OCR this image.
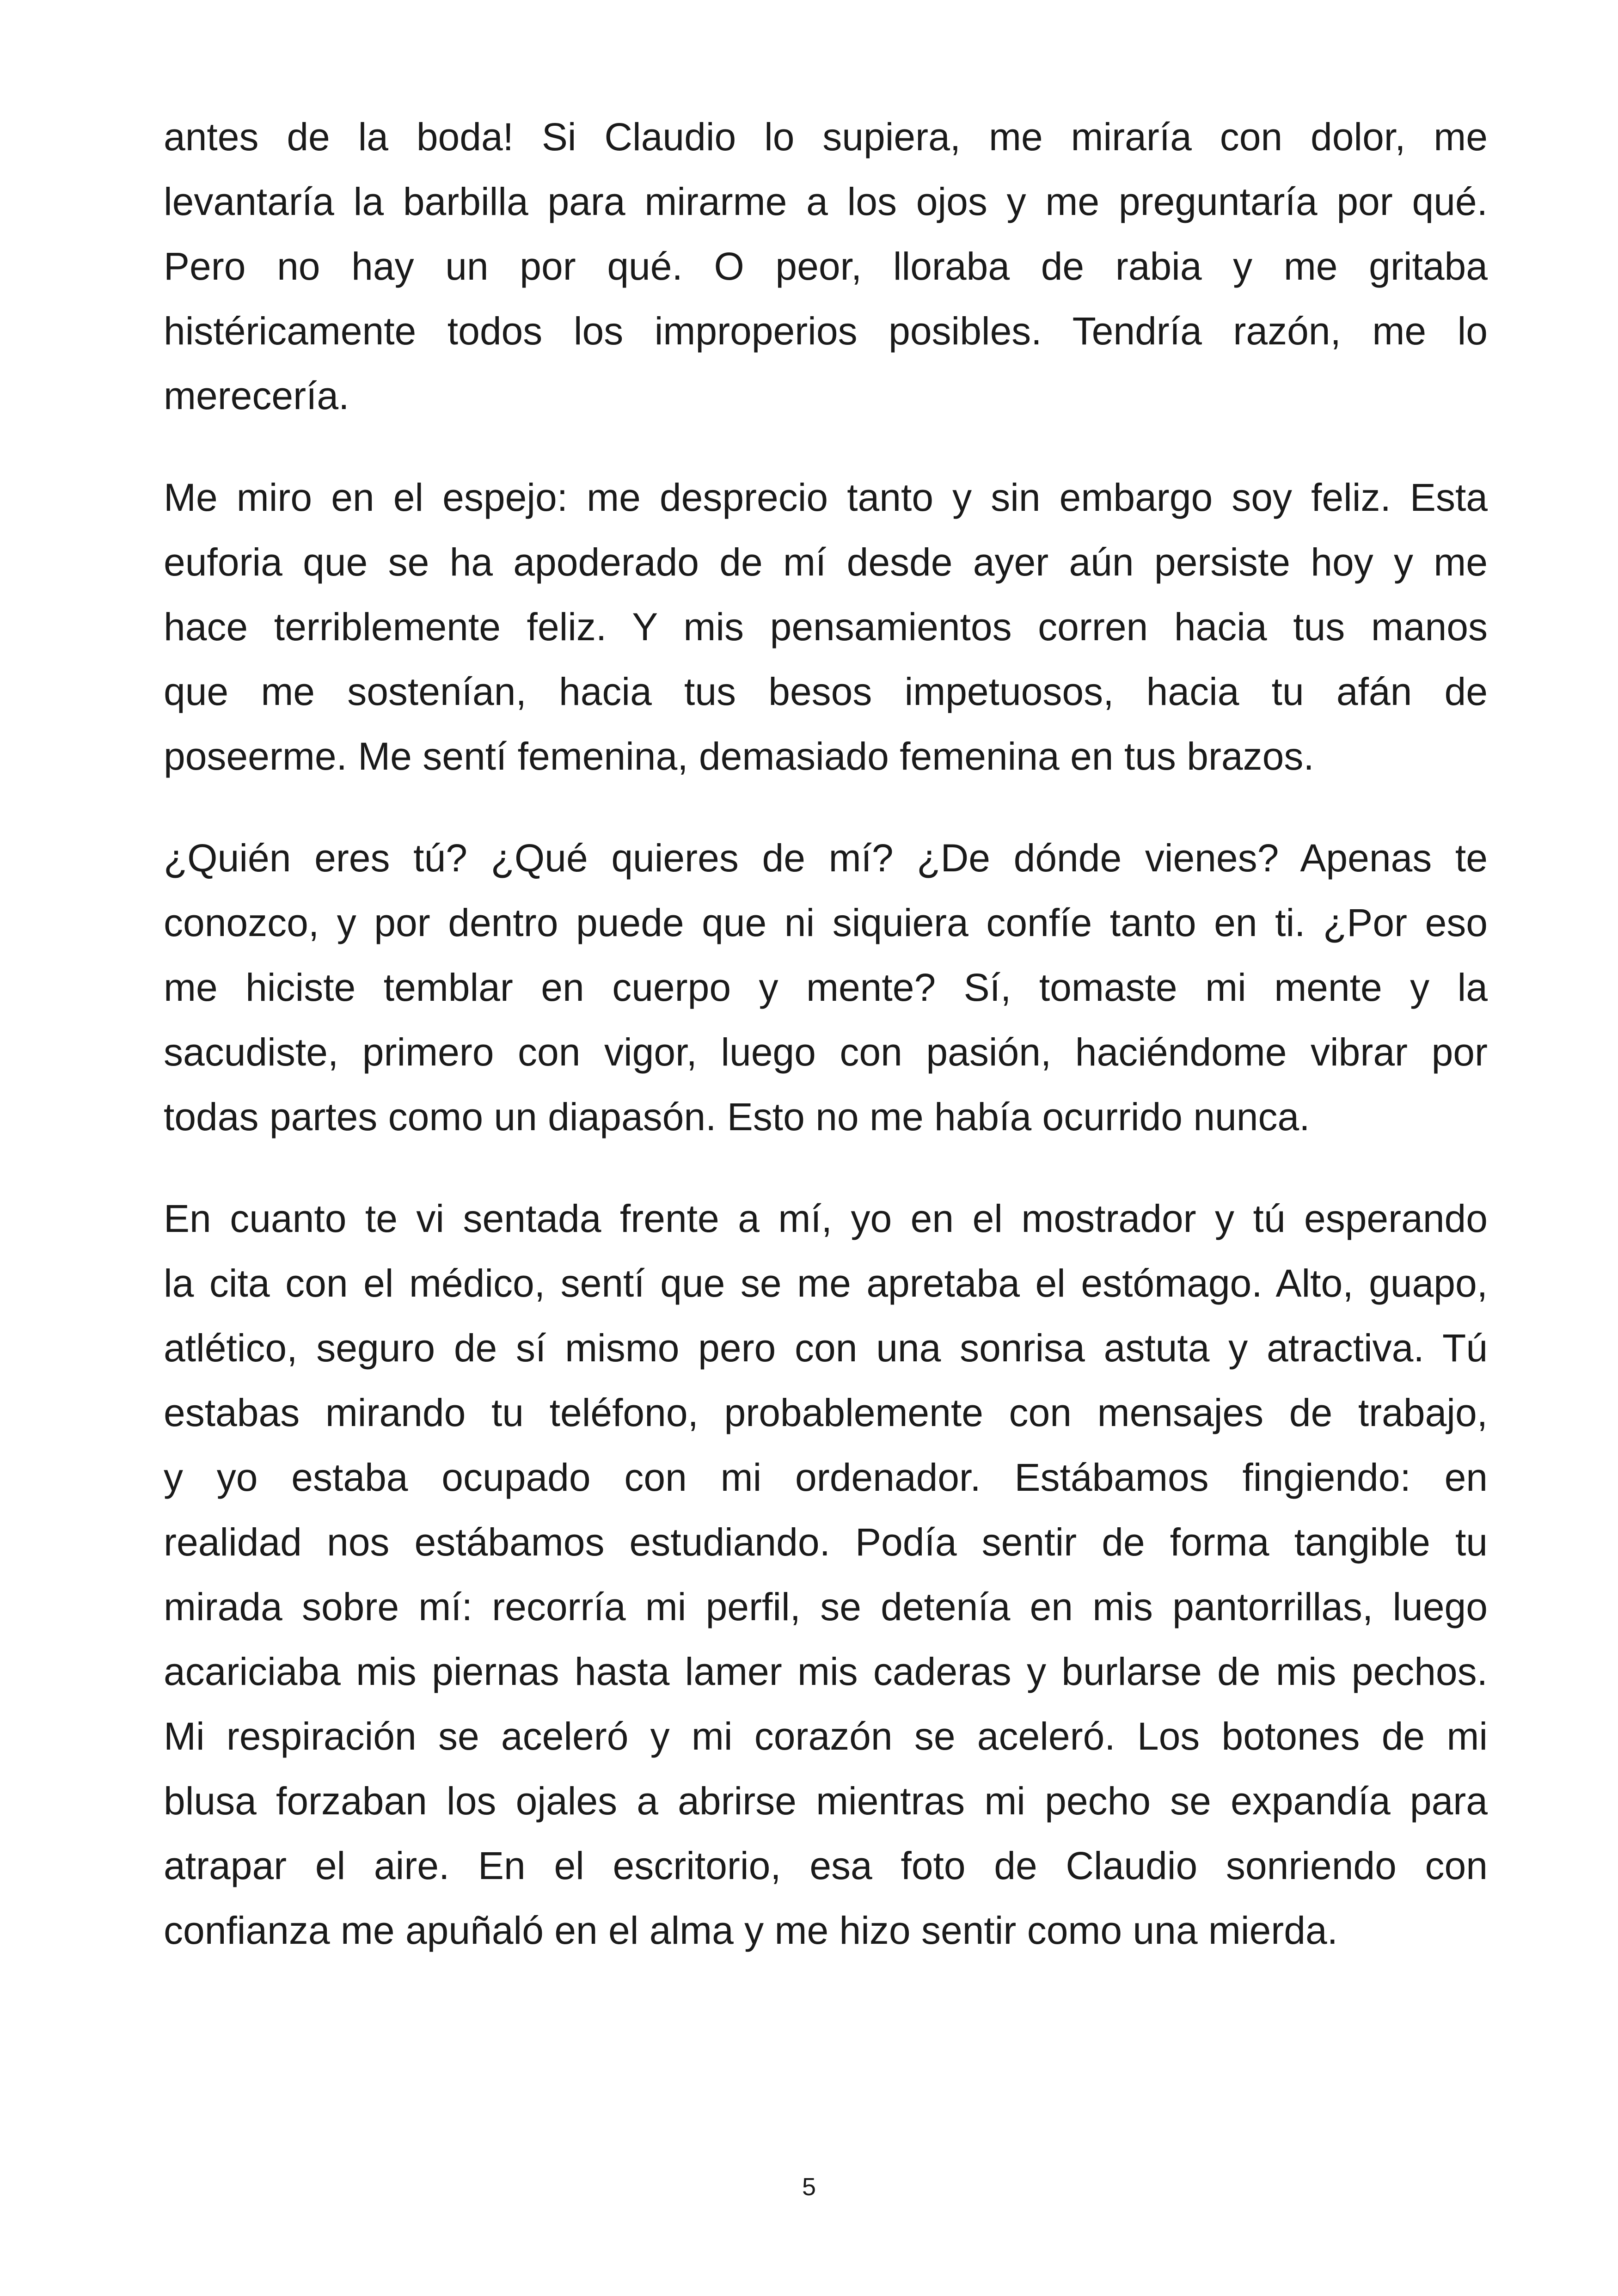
antes de la boda! Si Claudio lo supiera, me miraría con dolor, me
levantaría la barbilla para mirarme a los ojos y me preguntaría por qué.
Pero no hay un por qué. O peor, lloraba de rabia y me gritaba
histéricamente todos los improperios posibles. Tendría razón, me lo
merecería.
Me miro en el espejo: me desprecio tanto y sin embargo soy feliz. Esta
euforia que se ha apoderado de mí desde ayer aún persiste hoy y me
hace terriblemente feliz. Y mis pensamientos corren hacia tus manos
que me sostenían, hacia tus besos impetuosos, hacia tu afán de
poseerme. Me sentí femenina, demasiado femenina en tus brazos.
¿Quién eres tú? ¿Qué quieres de mí? ¿De dónde vienes? Apenas te
conozco, y por dentro puede que ni siquiera confíe tanto en ti. ¿Por eso
me hiciste temblar en cuerpo y mente? Sí, tomaste mi mente y la
sacudiste, primero con vigor, luego con pasión, haciéndome vibrar por
todas partes como un diapasón. Esto no me había ocurrido nunca.
En cuanto te vi sentada frente a mí, yo en el mostrador y tú esperando
la cita con el médico, sentí que se me apretaba el estómago. Alto, guapo,
atlético, seguro de sí mismo pero con una sonrisa astuta y atractiva. Tú
estabas mirando tu teléfono, probablemente con mensajes de trabajo,
y yo estaba ocupado con mi ordenador. Estábamos fingiendo: en
realidad nos estábamos estudiando. Podía sentir de forma tangible tu
mirada sobre mí: recorría mi perfil, se detenía en mis pantorrillas, luego
acariciaba mis piernas hasta lamer mis caderas y burlarse de mis pechos.
Mi respiración se aceleró y mi corazón se aceleró. Los botones de mi
blusa forzaban los ojales a abrirse mientras mi pecho se expandía para
atrapar el aire. En el escritorio, esa foto de Claudio sonriendo con
confianza me apuñaló en el alma y me hizo sentir como una mierda.
5
